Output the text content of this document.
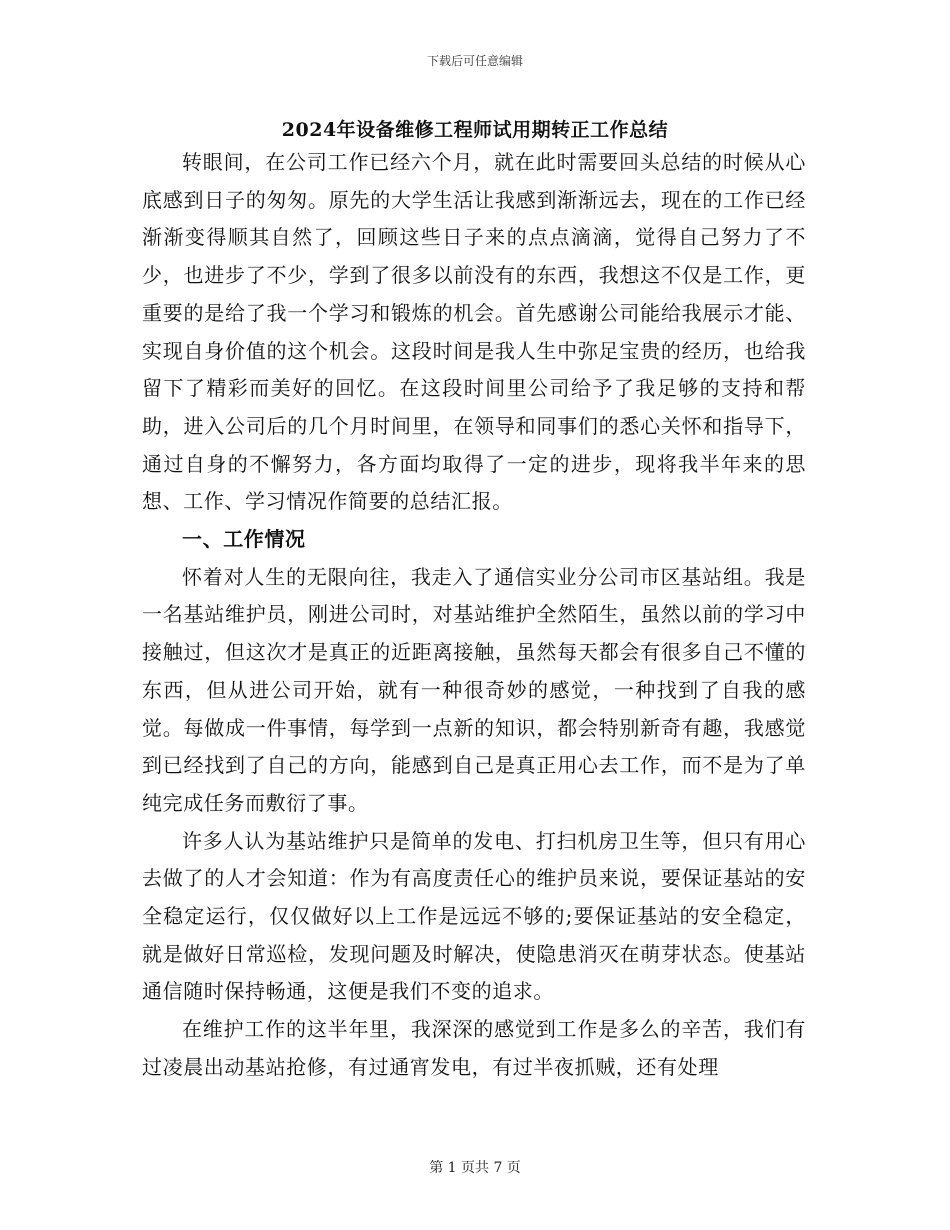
下载后可任意编辑
2024年设备维修工程师试用期转正工作总结

转眼间，在公司工作已经六个月，就在此时需要回头总结的时候从心底感到日子的匆匆。原先的大学生活让我感到渐渐远去，现在的工作已经渐渐变得顺其自然了，回顾这些日子来的点点滴滴，觉得自己努力了不少，也进步了不少，学到了很多以前没有的东西，我想这不仅是工作，更重要的是给了我一个学习和锻炼的机会。首先感谢公司能给我展示才能、实现自身价值的这个机会。这段时间是我人生中弥足宝贵的经历，也给我留下了精彩而美好的回忆。在这段时间里公司给予了我足够的支持和帮助，进入公司后的几个月时间里，在领导和同事们的悉心关怀和指导下，通过自身的不懈努力，各方面均取得了一定的进步，现将我半年来的思想、工作、学习情况作简要的总结汇报。

一、工作情况

怀着对人生的无限向往，我走入了通信实业分公司市区基站组。我是一名基站维护员，刚进公司时，对基站维护全然陌生，虽然以前的学习中接触过，但这次才是真正的近距离接触，虽然每天都会有很多自己不懂的东西，但从进公司开始，就有一种很奇妙的感觉，一种找到了自我的感觉。每做成一件事情，每学到一点新的知识，都会特别新奇有趣，我感觉到已经找到了自己的方向，能感到自己是真正用心去工作，而不是为了单纯完成任务而敷衍了事。

许多人认为基站维护只是简单的发电、打扫机房卫生等，但只有用心去做了的人才会知道：作为有高度责任心的维护员来说，要保证基站的安全稳定运行，仅仅做好以上工作是远远不够的;要保证基站的安全稳定，就是做好日常巡检，发现问题及时解决，使隐患消灭在萌芽状态。使基站通信随时保持畅通，这便是我们不变的追求。

在维护工作的这半年里，我深深的感觉到工作是多么的辛苦，我们有过凌晨出动基站抢修，有过通宵发电，有过半夜抓贼，还有处理

第 1 页共 7 页
